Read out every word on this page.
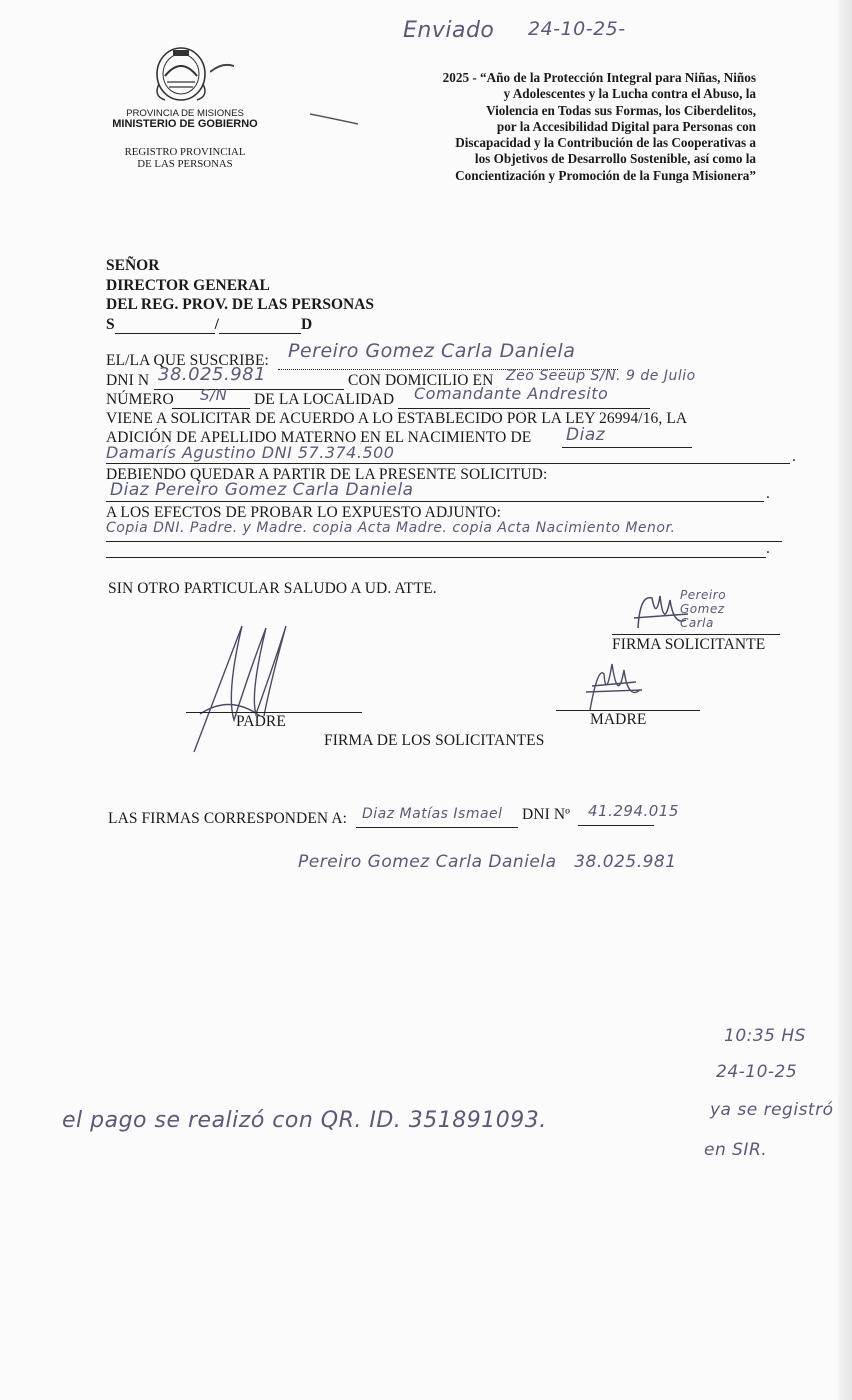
Enviado 24-10-25-
PROVINCIA DE MISIONES
MINISTERIO DE GOBIERNO
REGISTRO PROVINCIAL
DE LAS PERSONAS
2025 - “Año de la Protección Integral para Niñas, Niños
y Adolescentes y la Lucha contra el Abuso, la
Violencia en Todas sus Formas, los Ciberdelitos,
por la Accesibilidad Digital para Personas con
Discapacidad y la Contribución de las Cooperativas a
los Objetivos de Desarrollo Sostenible, así como la
Concientización y Promoción de la Funga Misionera”
SEÑOR
DIRECTOR GENERAL
DEL REG. PROV. DE LAS PERSONAS
S	/	D
EL/LA QUE SUSCRIBE: Pereiro Gomez Carla Daniela
DNI N 38.025.981	CON DOMICILIO EN Zeo Seeup S/N. 9 de Julio
NÚMERO S/N DE LA LOCALIDAD Comandante Andresito
VIENE A SOLICITAR DE ACUERDO A LO ESTABLECIDO POR LA LEY 26994/16, LA
ADICIÓN DE APELLIDO MATERNO EN EL NACIMIENTO DE Diaz
Damarís Agustino DNI 57.374.500	.
DEBIENDO QUEDAR A PARTIR DE LA PRESENTE SOLICITUD:
Diaz Pereiro Gomez Carla Daniela	.
A LOS EFECTOS DE PROBAR LO EXPUESTO ADJUNTO:
Copia DNI. Padre. y Madre. copia Acta Madre. copia Acta Nacimiento Menor.
.
SIN OTRO PARTICULAR SALUDO A UD. ATTE.	Pereiro Gomez Carla
FIRMA SOLICITANTE
PADRE	MADRE
FIRMA DE LOS SOLICITANTES
LAS FIRMAS CORRESPONDEN A: Diaz Matías Ismael DNI Nº 41.294.015
Pereiro Gomez Carla Daniela   38.025.981
10:35 HS
24-10-25
el pago se realizó con QR. ID. 351891093.	ya se registró
en SIR.
